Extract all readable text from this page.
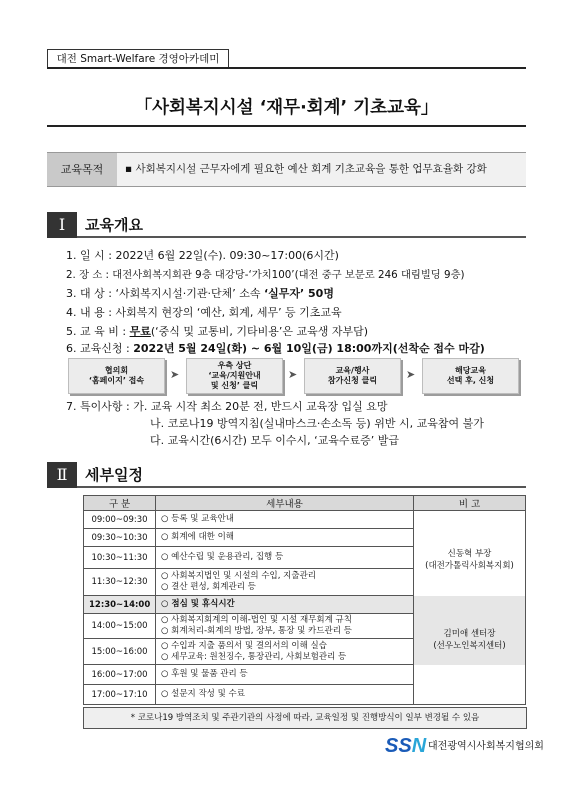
대전 Smart-Welfare 경영아카데미
「사회복지시설 ‘재무·회계’ 기초교육」
교육목적	▪ 사회복지시설 근무자에게 필요한 예산 회계 기초교육을 통한 업무효율화 강화
Ⅰ	교육개요
1. 일 시 : 2022년 6월 22일(수). 09:30~17:00(6시간)
2. 장 소 : 대전사회복지회관 9층 대강당-‘가치100’(대전 중구 보문로 246 대림빌딩 9층)
3. 대 상 : ‘사회복지시설·기관·단체’ 소속 ‘실무자’ 50명
4. 내 용 : 사회복지 현장의 ‘예산, 회계, 세무’ 등 기초교육
5. 교 육 비 : 무료(‘중식 및 교통비, 기타비용’은 교육생 자부담)
6. 교육신청 : 2022년 5월 24일(화) ~ 6월 10일(금) 18:00까지(선착순 접수 마감)
협의회
‘홈페이지’ 접속 ➤
우측 상단
‘교육/지원안내
및 신청’ 클릭
➤	교육/행사
참가신청 클릭	➤	해당교육
선택 후, 신청
7. 특이사항 : 가. 교육 시작 최소 20분 전, 반드시 교육장 입실 요망
나. 코로나19 방역지침(실내마스크·손소독 등) 위반 시, 교육참여 불가
다. 교육시간(6시간) 모두 이수시, ‘교육수료증’ 발급
Ⅱ	세부일정
구 분	세부내용	비 고
09:00~09:30	○ 등록 및 교육안내	

09:30~10:30	○ 회계에 대한 이해	

10:30~11:30	○ 예산수립 및 운용관리, 집행 등	

11:30~12:30	○ 사회복지법인 및 시설의 수입, 지출관리
○ 결산 편성, 회계관리 등	

12:30~14:00	○ 점심 및 휴식시간	

14:00~15:00	○ 사회복지회계의 이해-법인 및 시설 재무회계 규칙
○ 회계처리-회계의 방법, 장부, 통장 및 카드관리 등	

15:00~16:00	○ 수입과 지출 품의서 및 결의서의 이해 실습
○ 세무교육: 원천징수, 통장관리, 사회보험관리 등	

16:00~17:00	○ 후원 및 물품 관리 등	

17:00~17:10	○ 설문지 작성 및 수료	
신동혁 부장
(대전가톨릭사회복지회)
김미애 센터장
(선우노인복지센터)
* 코로나19 방역조치 및 주관기관의 사정에 따라, 교육일정 및 진행방식이 일부 변경될 수 있음
SSN 대전광역시사회복지협의회
